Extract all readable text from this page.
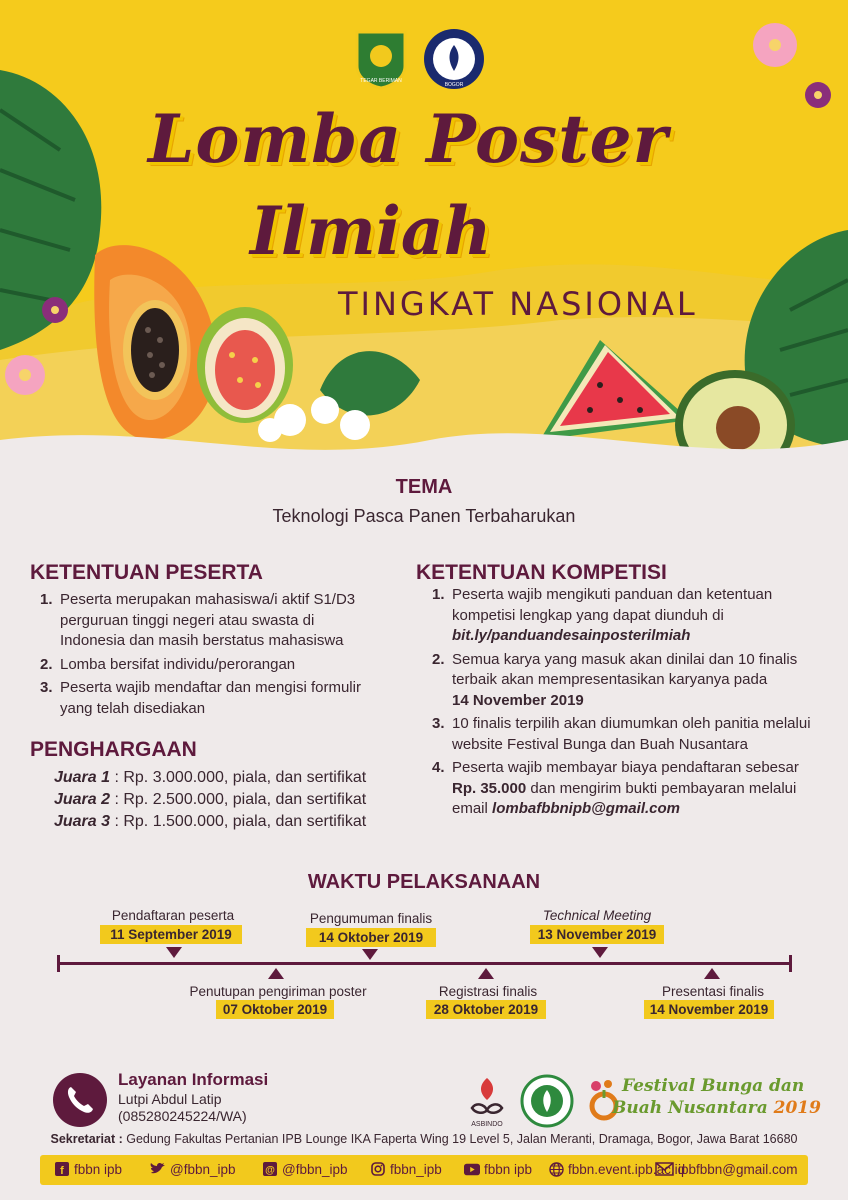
TEGAR BERIMAN
BOGOR
Lomba Poster
Ilmiah
TINGKAT NASIONAL
TEMA
Teknologi Pasca Panen Terbaharukan
KETENTUAN PESERTA
1. Peserta merupakan mahasiswa/i aktif S1/D3 perguruan tinggi negeri atau swasta di Indonesia dan masih berstatus mahasiswa
2. Lomba bersifat individu/perorangan
3. Peserta wajib mendaftar dan mengisi formulir yang telah disediakan
PENGHARGAAN
Juara 1 : Rp. 3.000.000, piala, dan sertifikat
Juara 2 : Rp. 2.500.000, piala, dan sertifikat
Juara 3 : Rp. 1.500.000, piala, dan sertifikat
KETENTUAN KOMPETISI
1. Peserta wajib mengikuti panduan dan ketentuan kompetisi lengkap yang dapat diunduh di
bit.ly/panduandesainposterilmiah
2. Semua karya yang masuk akan dinilai dan 10 finalis terbaik akan mempresentasikan karyanya pada
14 November 2019
3. 10 finalis terpilih akan diumumkan oleh panitia melalui website Festival Bunga dan Buah Nusantara
4. Peserta wajib membayar biaya pendaftaran sebesar Rp. 35.000 dan mengirim bukti pembayaran melalui email lombafbbnipb@gmail.com
WAKTU PELAKSANAAN
Pendaftaran peserta
11 September 2019
Pengumuman finalis
14 Oktober 2019
Technical Meeting
13 November 2019
Penutupan pengiriman poster
07 Oktober 2019
Registrasi finalis
28 Oktober 2019
Presentasi finalis
14 November 2019
Layanan Informasi
Lutpi Abdul Latip
(085280245224/WA)
ASBINDO
Festival Bunga dan
Buah Nusantara 2019
Sekretariat : Gedung Fakultas Pertanian IPB Lounge IKA Faperta Wing 19 Level 5, Jalan Meranti, Dramaga, Bogor, Jawa Barat 16680
f fbbn ipb	@fbbn_ipb	@ @fbbn_ipb	fbbn_ipb	fbbn ipb	fbbn.event.ipb.ac.id
ipbfbbn@gmail.com
